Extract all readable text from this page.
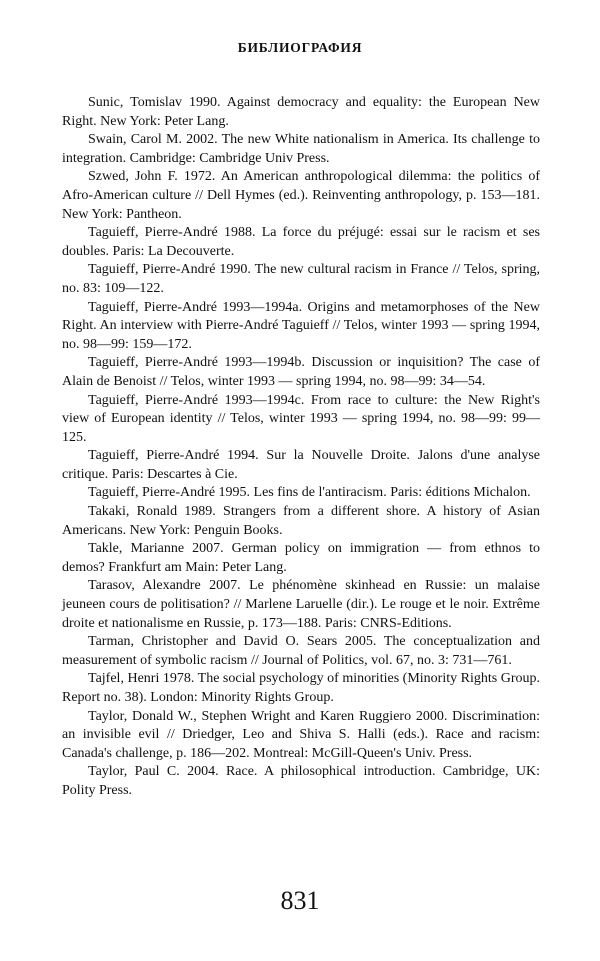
БИБЛИОГРАФИЯ

Sunic, Tomislav 1990. Against democracy and equality: the European New Right. New York: Peter Lang.

Swain, Carol M. 2002. The new White nationalism in America. Its challenge to integration. Cambridge: Cambridge Univ Press.

Szwed, John F. 1972. An American anthropological dilemma: the politics of Afro-American culture // Dell Hymes (ed.). Reinventing anthropology, p. 153—181. New York: Pantheon.

Taguieff, Pierre-André 1988. La force du préjugé: essai sur le racism et ses doubles. Paris: La Decouverte.

Taguieff, Pierre-André 1990. The new cultural racism in France // Telos, spring, no. 83: 109—122.

Taguieff, Pierre-André 1993—1994a. Origins and metamorphoses of the New Right. An interview with Pierre-André Taguieff // Telos, winter 1993 — spring 1994, no. 98—99: 159—172.

Taguieff, Pierre-André 1993—1994b. Discussion or inquisition? The case of Alain de Benoist // Telos, winter 1993 — spring 1994, no. 98—99: 34—54.

Taguieff, Pierre-André 1993—1994c. From race to culture: the New Right's view of European identity // Telos, winter 1993 — spring 1994, no. 98—99: 99—125.

Taguieff, Pierre-André 1994. Sur la Nouvelle Droite. Jalons d'une analyse critique. Paris: Descartes à Cie.

Taguieff, Pierre-André 1995. Les fins de l'antiracism. Paris: éditions Michalon.

Takaki, Ronald 1989. Strangers from a different shore. A history of Asian Americans. New York: Penguin Books.

Takle, Marianne 2007. German policy on immigration — from ethnos to demos? Frankfurt am Main: Peter Lang.

Tarasov, Alexandre 2007. Le phénomène skinhead en Russie: un malaise jeuneen cours de politisation? // Marlene Laruelle (dir.). Le rouge et le noir. Extrême droite et nationalisme en Russie, p. 173—188. Paris: CNRS-Editions.

Tarman, Christopher and David O. Sears 2005. The conceptualization and measurement of symbolic racism // Journal of Politics, vol. 67, no. 3: 731—761.

Tajfel, Henri 1978. The social psychology of minorities (Minority Rights Group. Report no. 38). London: Minority Rights Group.

Taylor, Donald W., Stephen Wright and Karen Ruggiero 2000. Discrimination: an invisible evil // Driedger, Leo and Shiva S. Halli (eds.). Race and racism: Canada's challenge, p. 186—202. Montreal: McGill-Queen's Univ. Press.

Taylor, Paul C. 2004. Race. A philosophical introduction. Cambridge, UK: Polity Press.

831
